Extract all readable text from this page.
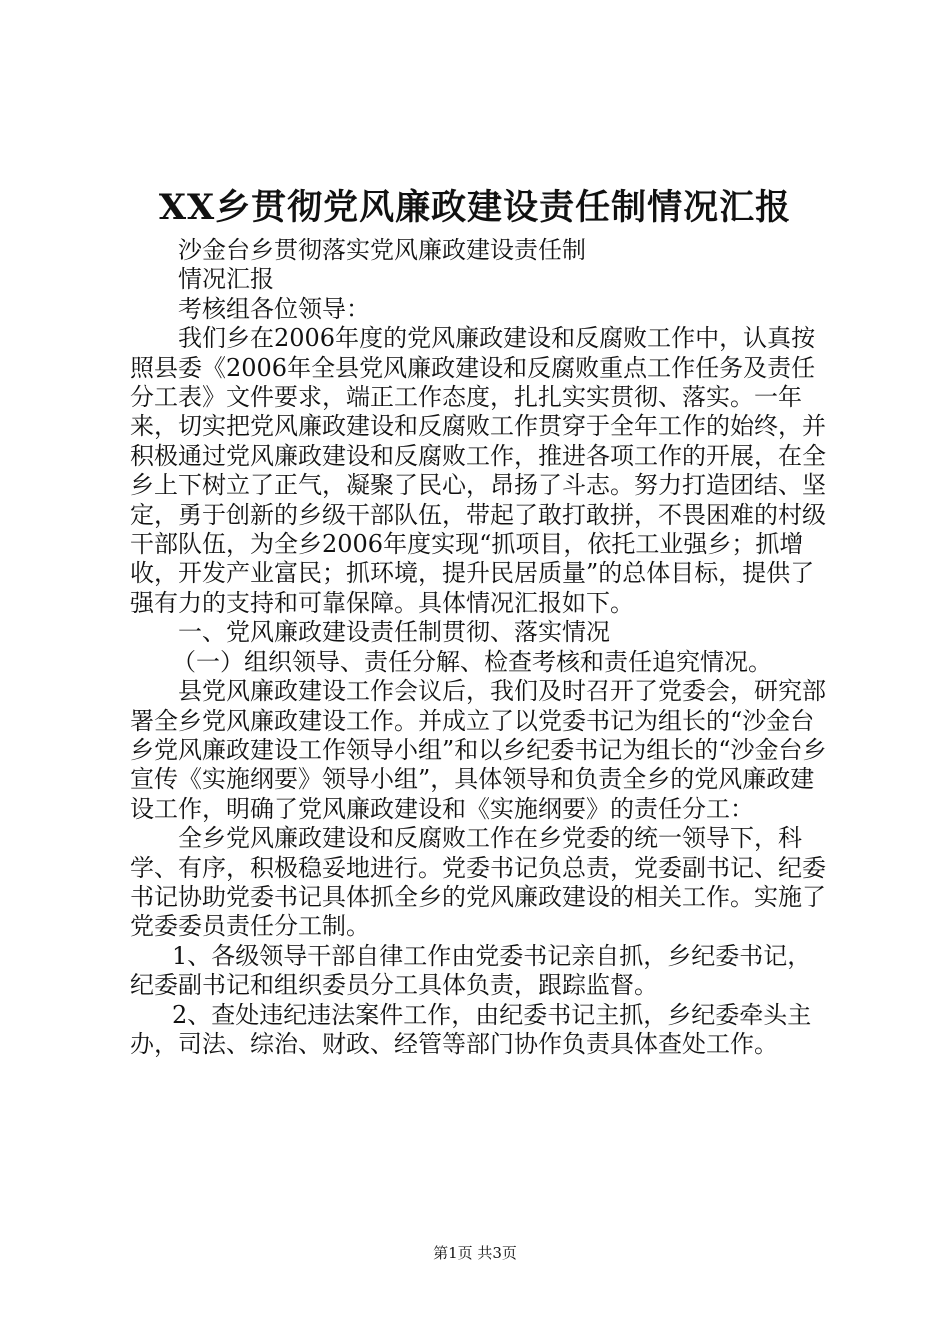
XX乡贯彻党风廉政建设责任制情况汇报

沙金台乡贯彻落实党风廉政建设责任制

情况汇报

考核组各位领导：

我们乡在2006年度的党风廉政建设和反腐败工作中，认真按照县委《2006年全县党风廉政建设和反腐败重点工作任务及责任分工表》文件要求，端正工作态度，扎扎实实贯彻、落实。一年来，切实把党风廉政建设和反腐败工作贯穿于全年工作的始终，并积极通过党风廉政建设和反腐败工作，推进各项工作的开展，在全乡上下树立了正气，凝聚了民心，昂扬了斗志。努力打造团结、坚定，勇于创新的乡级干部队伍，带起了敢打敢拼，不畏困难的村级干部队伍，为全乡2006年度实现“抓项目，依托工业强乡；抓增收，开发产业富民；抓环境，提升民居质量”的总体目标，提供了强有力的支持和可靠保障。具体情况汇报如下。

一、党风廉政建设责任制贯彻、落实情况

（一）组织领导、责任分解、检查考核和责任追究情况。

县党风廉政建设工作会议后，我们及时召开了党委会，研究部署全乡党风廉政建设工作。并成立了以党委书记为组长的“沙金台乡党风廉政建设工作领导小组”和以乡纪委书记为组长的“沙金台乡宣传《实施纲要》领导小组”，具体领导和负责全乡的党风廉政建设工作，明确了党风廉政建设和《实施纲要》的责任分工：

全乡党风廉政建设和反腐败工作在乡党委的统一领导下，科学、有序，积极稳妥地进行。党委书记负总责，党委副书记、纪委书记协助党委书记具体抓全乡的党风廉政建设的相关工作。实施了党委委员责任分工制。

1、各级领导干部自律工作由党委书记亲自抓，乡纪委书记，纪委副书记和组织委员分工具体负责，跟踪监督。

2、查处违纪违法案件工作，由纪委书记主抓，乡纪委牵头主办，司法、综治、财政、经管等部门协作负责具体查处工作。

第1页 共3页
